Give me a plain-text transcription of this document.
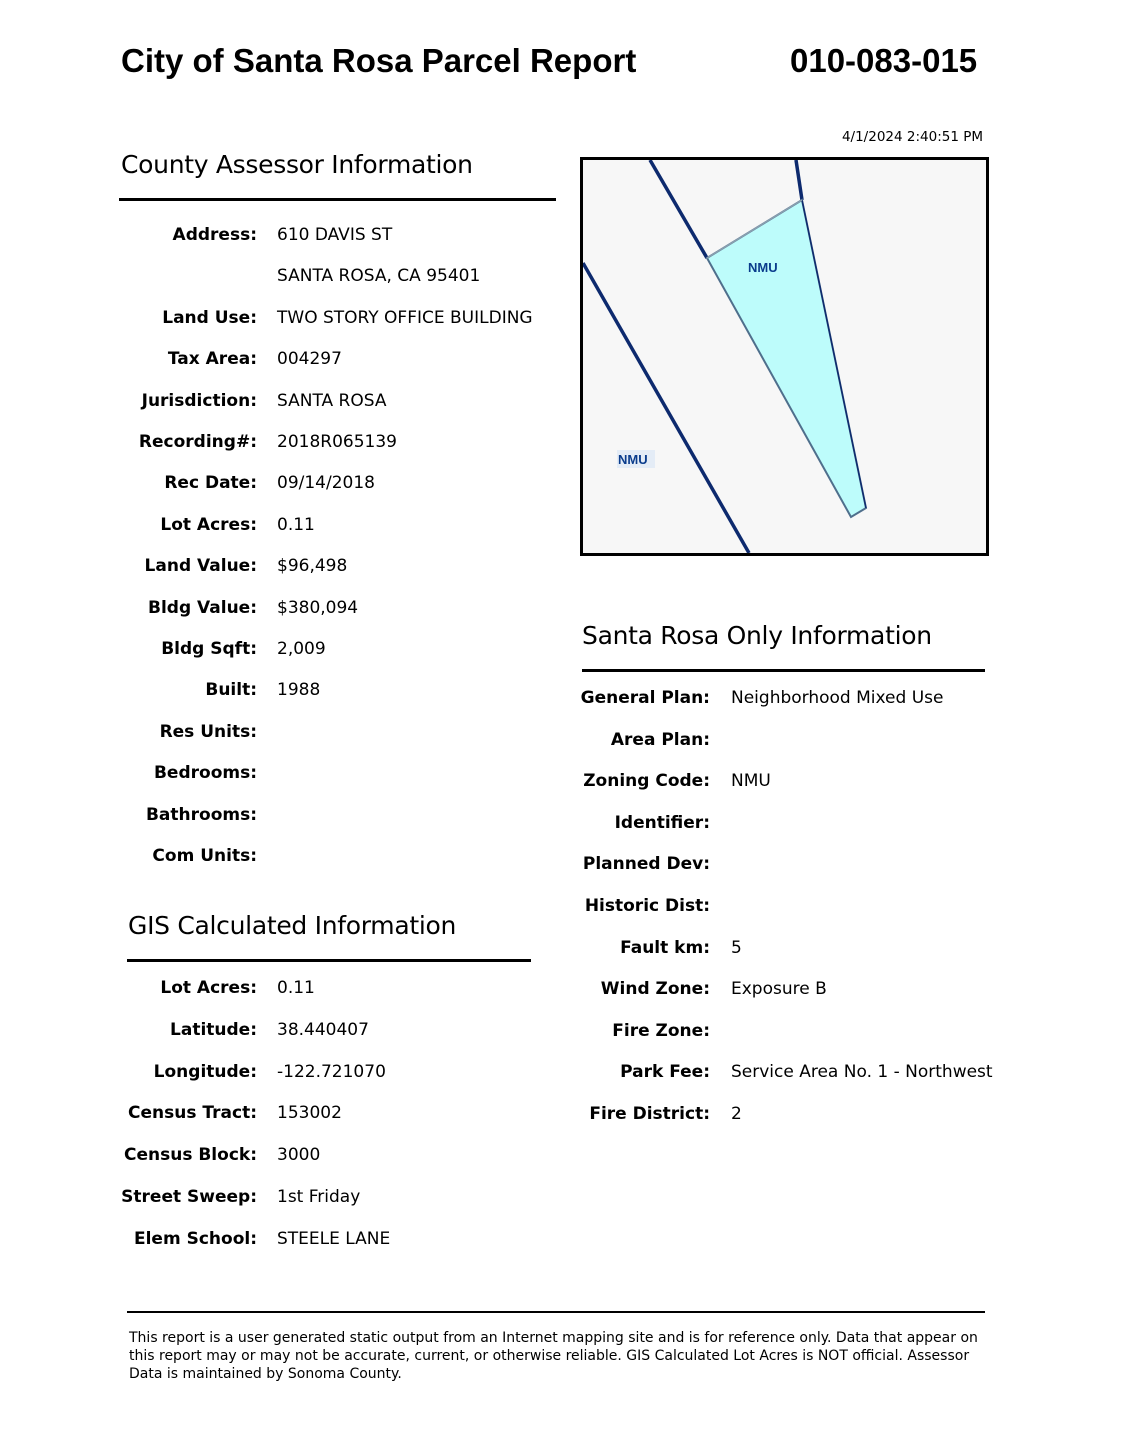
City of Santa Rosa Parcel Report	010-083-015
4/1/2024 2:40:51 PM
County Assessor Information
Address: 610 DAVIS ST
SANTA ROSA, CA 95401
Land Use: TWO STORY OFFICE BUILDING
Tax Area: 004297
Jurisdiction: SANTA ROSA
Recording#: 2018R065139
Rec Date: 09/14/2018
Lot Acres: 0.11
Land Value: $96,498
Bldg Value: $380,094
Bldg Sqft: 2,009
Built: 1988
Res Units:
Bedrooms:
Bathrooms:
Com Units:
GIS Calculated Information
Lot Acres: 0.11
Latitude: 38.440407
Longitude: -122.721070
Census Tract: 153002
Census Block: 3000
Street Sweep: 1st Friday
Elem School: STEELE LANE
NMU
NMU
Santa Rosa Only Information
General Plan: Neighborhood Mixed Use
Area Plan:
Zoning Code: NMU
Identifier:
Planned Dev:
Historic Dist:
Fault km: 5
Wind Zone: Exposure B
Fire Zone:
Park Fee: Service Area No. 1 - Northwest
Fire District: 2

This report is a user generated static output from an Internet mapping site and is for reference only. Data that appear on this report may or may not be accurate, current, or otherwise reliable. GIS Calculated Lot Acres is NOT official. Assessor Data is maintained by Sonoma County.
